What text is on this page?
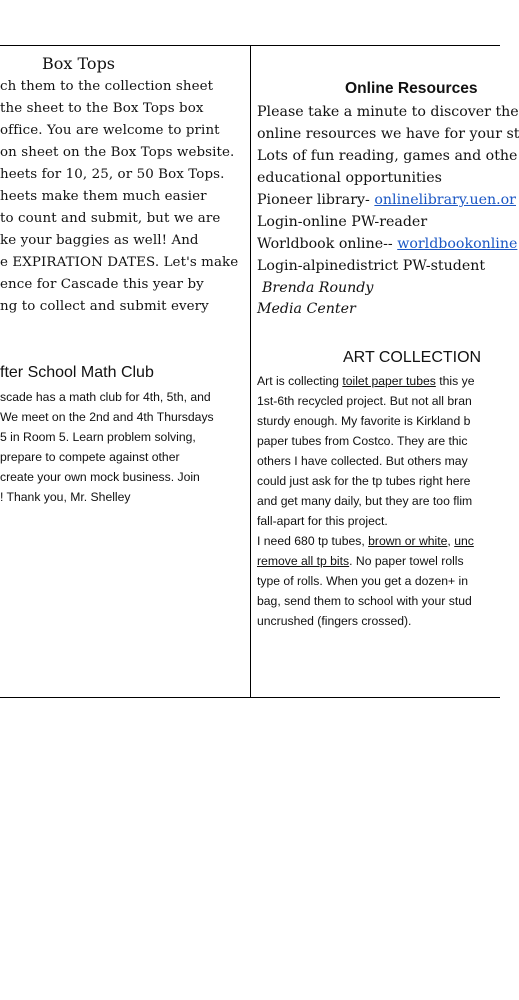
Box Tops
ch them to the collection sheet
the sheet to the Box Tops box
office. You are welcome to print
on sheet on the Box Tops website.
heets for 10, 25, or 50 Box Tops.
heets make them much easier
to count and submit, but we are
ke your baggies as well! And
e EXPIRATION DATES. Let's make
ence for Cascade this year by
ng to collect and submit every
fter School Math Club
scade has a math club for 4th, 5th, and
We meet on the 2nd and 4th Thursdays
5 in Room 5. Learn problem solving,
prepare to compete against other
create your own mock business. Join
! Thank you, Mr. Shelley
Online Resources
Please take a minute to discover the
online resources we have for your st
Lots of fun reading, games and othe
educational opportunities
Pioneer library- onlinelibrary.uen.or
Login-online PW-reader
Worldbook online-- worldbookonline
Login-alpinedistrict PW-student
Brenda Roundy
Media Center
ART COLLECTION
Art is collecting toilet paper tubes this ye
1st-6th recycled project. But not all bran
sturdy enough. My favorite is Kirkland b
paper tubes from Costco. They are thic
others I have collected. But others may
could just ask for the tp tubes right here
and get many daily, but they are too flim
fall-apart for this project.
I need 680 tp tubes, brown or white, unc
remove all tp bits. No paper towel rolls
type of rolls. When you get a dozen+ in
bag, send them to school with your stud
uncrushed (fingers crossed).
